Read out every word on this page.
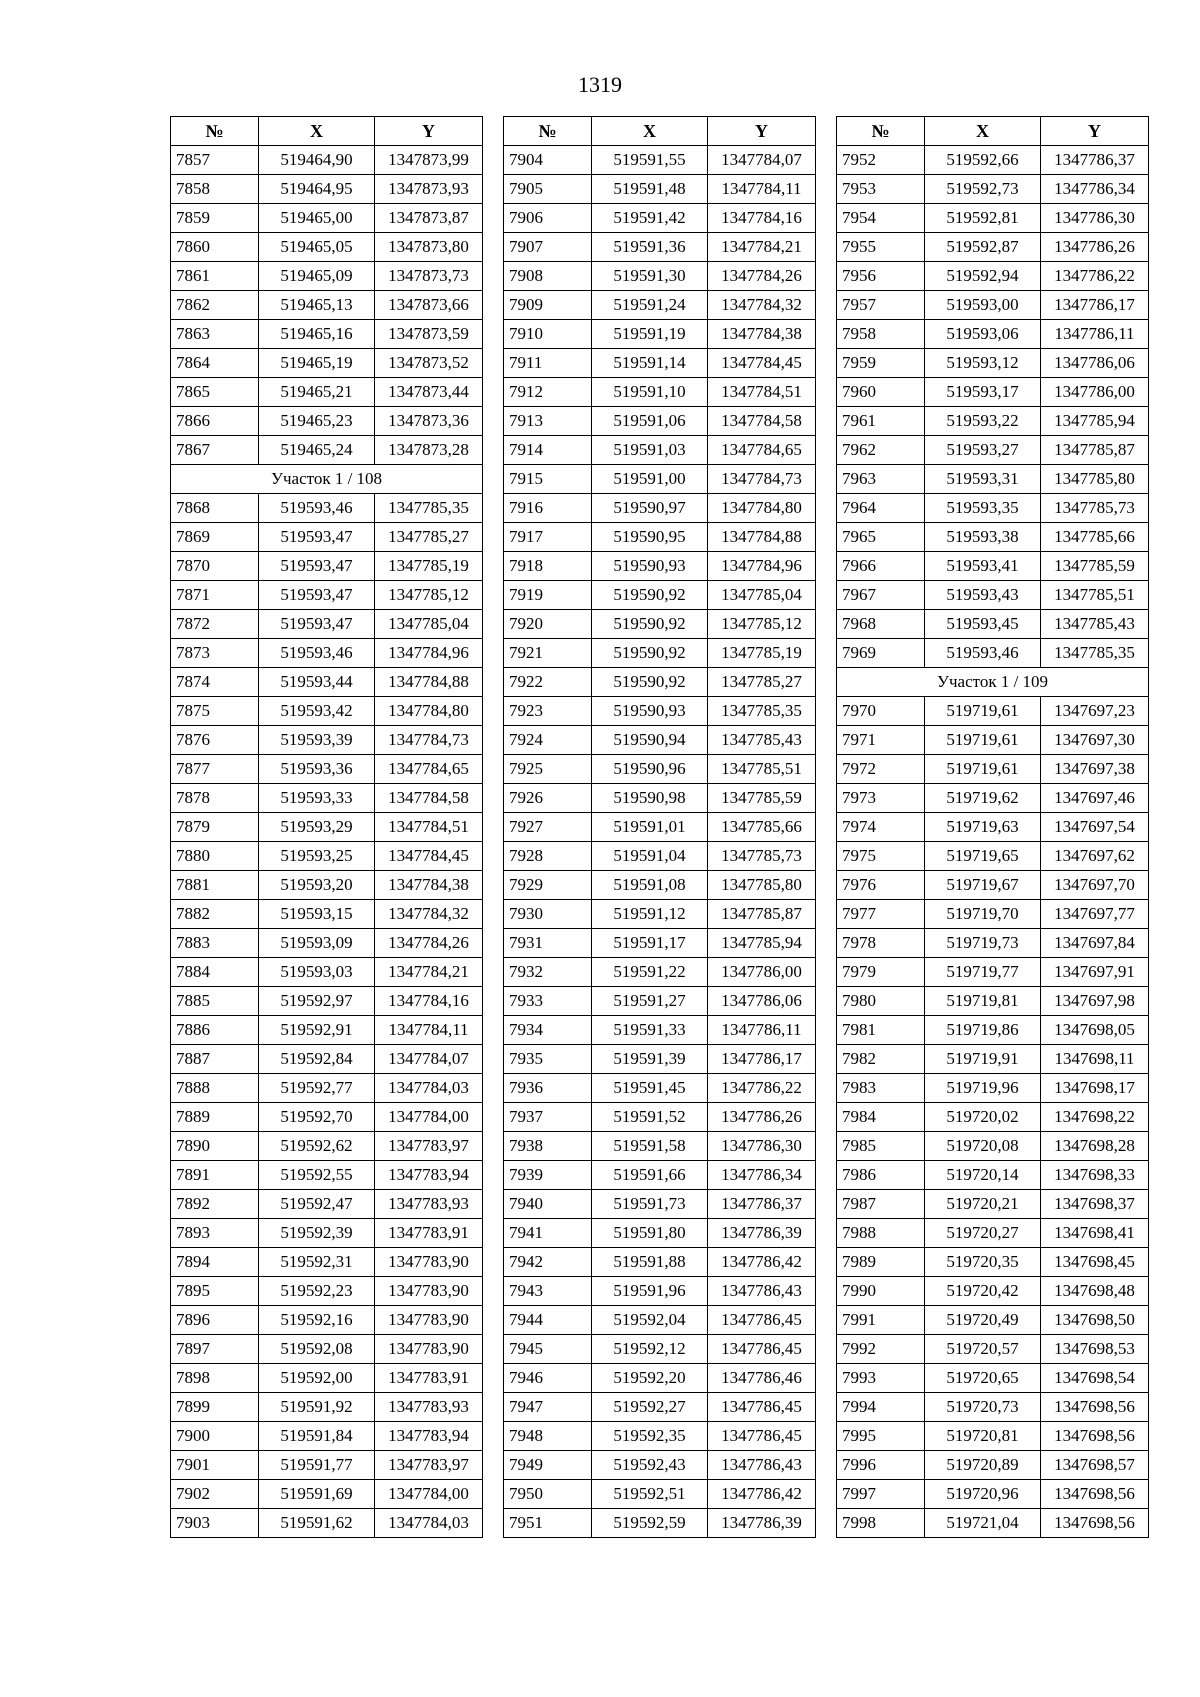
1319
№	X	Y
7857	519464,90	1347873,99
7858	519464,95	1347873,93
7859	519465,00	1347873,87
7860	519465,05	1347873,80
7861	519465,09	1347873,73
7862	519465,13	1347873,66
7863	519465,16	1347873,59
7864	519465,19	1347873,52
7865	519465,21	1347873,44
7866	519465,23	1347873,36
7867	519465,24	1347873,28
Участок 1 / 108		
7868	519593,46	1347785,35
7869	519593,47	1347785,27
7870	519593,47	1347785,19
7871	519593,47	1347785,12
7872	519593,47	1347785,04
7873	519593,46	1347784,96
7874	519593,44	1347784,88
7875	519593,42	1347784,80
7876	519593,39	1347784,73
7877	519593,36	1347784,65
7878	519593,33	1347784,58
7879	519593,29	1347784,51
7880	519593,25	1347784,45
7881	519593,20	1347784,38
7882	519593,15	1347784,32
7883	519593,09	1347784,26
7884	519593,03	1347784,21
7885	519592,97	1347784,16
7886	519592,91	1347784,11
7887	519592,84	1347784,07
7888	519592,77	1347784,03
7889	519592,70	1347784,00
7890	519592,62	1347783,97
7891	519592,55	1347783,94
7892	519592,47	1347783,93
7893	519592,39	1347783,91
7894	519592,31	1347783,90
7895	519592,23	1347783,90
7896	519592,16	1347783,90
7897	519592,08	1347783,90
7898	519592,00	1347783,91
7899	519591,92	1347783,93
7900	519591,84	1347783,94
7901	519591,77	1347783,97
7902	519591,69	1347784,00
7903	519591,62	1347784,03
№	X	Y
7904	519591,55	1347784,07
7905	519591,48	1347784,11
7906	519591,42	1347784,16
7907	519591,36	1347784,21
7908	519591,30	1347784,26
7909	519591,24	1347784,32
7910	519591,19	1347784,38
7911	519591,14	1347784,45
7912	519591,10	1347784,51
7913	519591,06	1347784,58
7914	519591,03	1347784,65
7915	519591,00	1347784,73
7916	519590,97	1347784,80
7917	519590,95	1347784,88
7918	519590,93	1347784,96
7919	519590,92	1347785,04
7920	519590,92	1347785,12
7921	519590,92	1347785,19
7922	519590,92	1347785,27
7923	519590,93	1347785,35
7924	519590,94	1347785,43
7925	519590,96	1347785,51
7926	519590,98	1347785,59
7927	519591,01	1347785,66
7928	519591,04	1347785,73
7929	519591,08	1347785,80
7930	519591,12	1347785,87
7931	519591,17	1347785,94
7932	519591,22	1347786,00
7933	519591,27	1347786,06
7934	519591,33	1347786,11
7935	519591,39	1347786,17
7936	519591,45	1347786,22
7937	519591,52	1347786,26
7938	519591,58	1347786,30
7939	519591,66	1347786,34
7940	519591,73	1347786,37
7941	519591,80	1347786,39
7942	519591,88	1347786,42
7943	519591,96	1347786,43
7944	519592,04	1347786,45
7945	519592,12	1347786,45
7946	519592,20	1347786,46
7947	519592,27	1347786,45
7948	519592,35	1347786,45
7949	519592,43	1347786,43
7950	519592,51	1347786,42
7951	519592,59	1347786,39
№	X	Y
7952	519592,66	1347786,37
7953	519592,73	1347786,34
7954	519592,81	1347786,30
7955	519592,87	1347786,26
7956	519592,94	1347786,22
7957	519593,00	1347786,17
7958	519593,06	1347786,11
7959	519593,12	1347786,06
7960	519593,17	1347786,00
7961	519593,22	1347785,94
7962	519593,27	1347785,87
7963	519593,31	1347785,80
7964	519593,35	1347785,73
7965	519593,38	1347785,66
7966	519593,41	1347785,59
7967	519593,43	1347785,51
7968	519593,45	1347785,43
7969	519593,46	1347785,35
Участок 1 / 109		
7970	519719,61	1347697,23
7971	519719,61	1347697,30
7972	519719,61	1347697,38
7973	519719,62	1347697,46
7974	519719,63	1347697,54
7975	519719,65	1347697,62
7976	519719,67	1347697,70
7977	519719,70	1347697,77
7978	519719,73	1347697,84
7979	519719,77	1347697,91
7980	519719,81	1347697,98
7981	519719,86	1347698,05
7982	519719,91	1347698,11
7983	519719,96	1347698,17
7984	519720,02	1347698,22
7985	519720,08	1347698,28
7986	519720,14	1347698,33
7987	519720,21	1347698,37
7988	519720,27	1347698,41
7989	519720,35	1347698,45
7990	519720,42	1347698,48
7991	519720,49	1347698,50
7992	519720,57	1347698,53
7993	519720,65	1347698,54
7994	519720,73	1347698,56
7995	519720,81	1347698,56
7996	519720,89	1347698,57
7997	519720,96	1347698,56
7998	519721,04	1347698,56
